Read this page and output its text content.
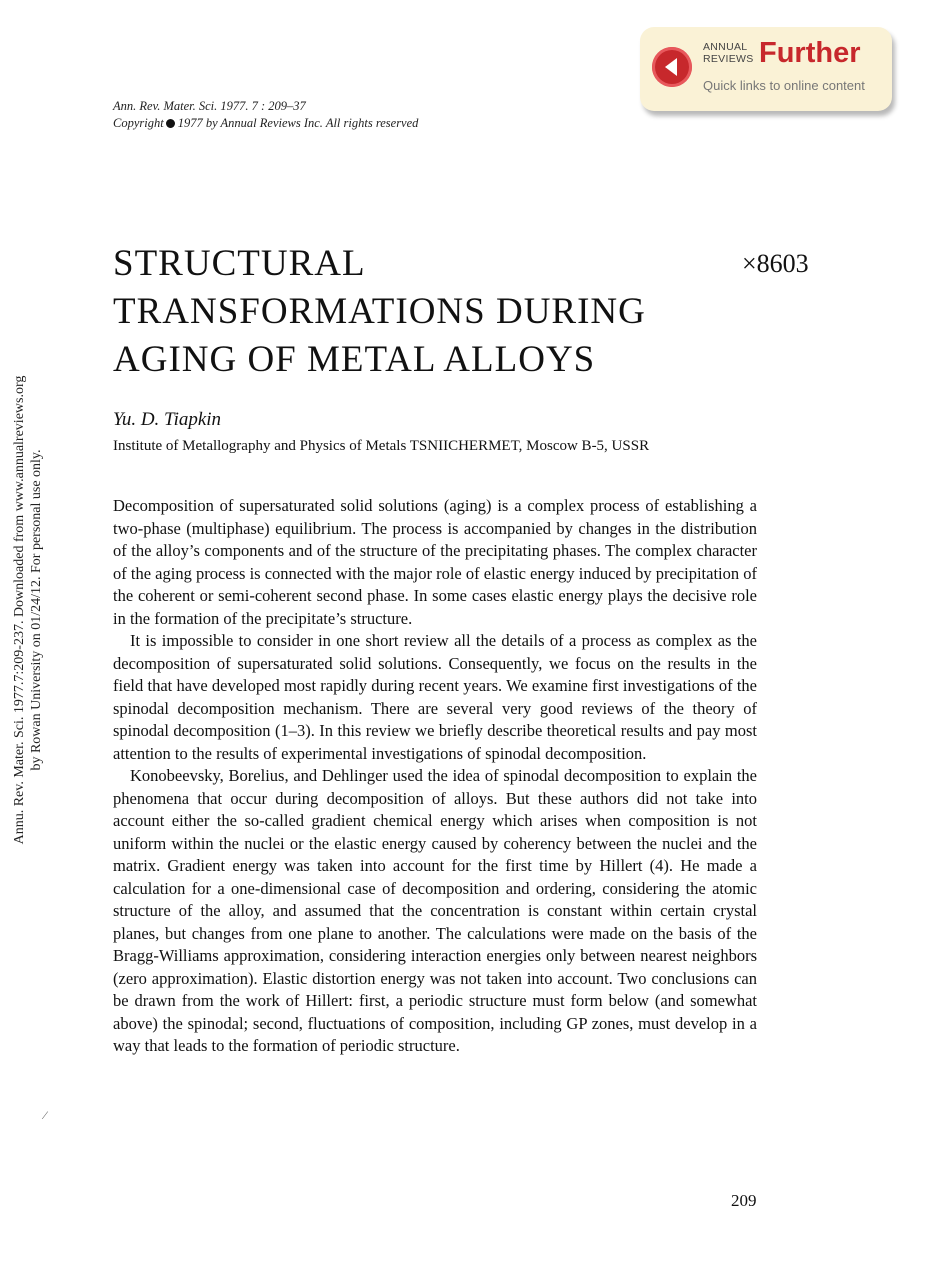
Ann. Rev. Mater. Sci. 1977. 7 : 209–37
Copyright 1977 by Annual Reviews Inc. All rights reserved
ANNUAL
REVIEWS Further
Quick links to online content
STRUCTURAL
TRANSFORMATIONS DURING
AGING OF METAL ALLOYS
×8603
Yu. D. Tiapkin
Institute of Metallography and Physics of Metals TSNIICHERMET, Moscow B-5, USSR

Decomposition of supersaturated solid solutions (aging) is a complex process of establishing a two-phase (multiphase) equilibrium. The process is accompanied by changes in the distribution of the alloy’s components and of the structure of the precipitating phases. The complex character of the aging process is connected with the major role of elastic energy induced by precipitation of the coherent or semi-coherent second phase. In some cases elastic energy plays the decisive role in the formation of the precipitate’s structure.

It is impossible to consider in one short review all the details of a process as complex as the decomposition of supersaturated solid solutions. Consequently, we focus on the results in the field that have developed most rapidly during recent years. We examine first investigations of the spinodal decomposition mechanism. There are several very good reviews of the theory of spinodal decomposition (1–3). In this review we briefly describe theoretical results and pay most attention to the results of experimental investigations of spinodal decomposition.

Konobeevsky, Borelius, and Dehlinger used the idea of spinodal decomposition to explain the phenomena that occur during decomposition of alloys. But these authors did not take into account either the so-called gradient chemical energy which arises when composition is not uniform within the nuclei or the elastic energy caused by coherency between the nuclei and the matrix. Gradient energy was taken into account for the first time by Hillert (4). He made a calculation for a one-dimensional case of decomposition and ordering, considering the atomic structure of the alloy, and assumed that the concentration is constant within certain crystal planes, but changes from one plane to another. The calculations were made on the basis of the Bragg-Williams approximation, considering interaction energies only between nearest neighbors (zero approximation). Elastic distortion energy was not taken into account. Two conclusions can be drawn from the work of Hillert: first, a periodic structure must form below (and somewhat above) the spinodal; second, fluctuations of composition, including GP zones, must develop in a way that leads to the formation of periodic structure.

209
Annu. Rev. Mater. Sci. 1977.7:209-237. Downloaded from www.annualreviews.org by Rowan University on 01/24/12. For personal use only.
⁄
